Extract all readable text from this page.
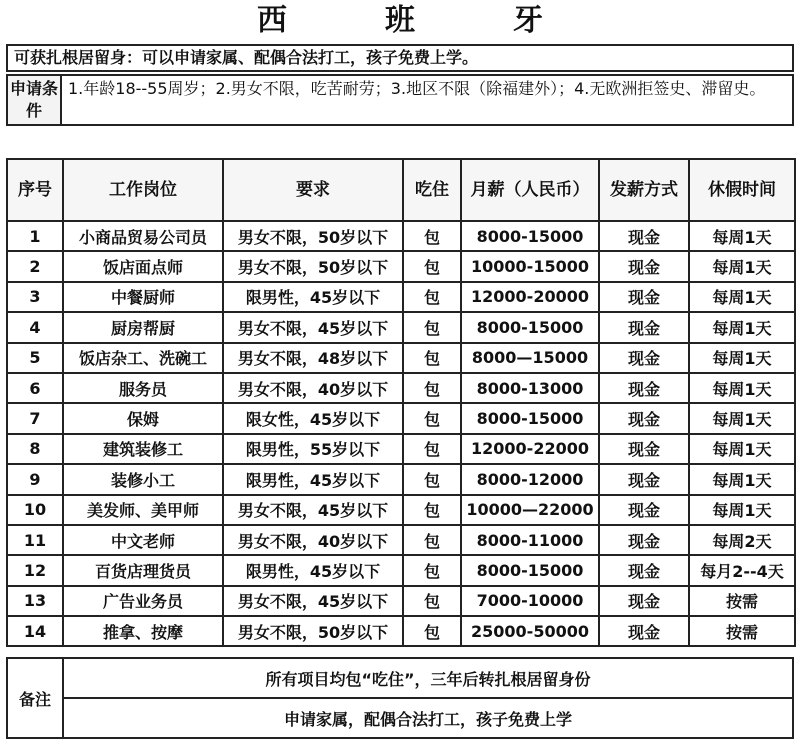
西　班　牙
可获扎根居留身：可以申请家属、配偶合法打工，孩子免费上学。
申请条件
1.年龄18--55周岁；2.男女不限，吃苦耐劳；3.地区不限（除福建外）；4.无欧洲拒签史、滞留史。
序号	工作岗位	要求	吃住	月薪（人民币）	发薪方式	休假时间
1	小商品贸易公司员	男女不限，50岁以下	包	8000-15000	现金	每周1天
2	饭店面点师	男女不限，50岁以下	包	10000-15000	现金	每周1天
3	中餐厨师	限男性，45岁以下	包	12000-20000	现金	每周1天
4	厨房帮厨	男女不限，45岁以下	包	8000-15000	现金	每周1天
5	饭店杂工、洗碗工	男女不限，48岁以下	包	8000—15000	现金	每周1天
6	服务员	男女不限，40岁以下	包	8000-13000	现金	每周1天
7	保姆	限女性，45岁以下	包	8000-15000	现金	每周1天
8	建筑装修工	限男性，55岁以下	包	12000-22000	现金	每周1天
9	装修小工	限男性，45岁以下	包	8000-12000	现金	每周1天
10	美发师、美甲师	男女不限，45岁以下	包	10000—22000	现金	每周1天
11	中文老师	男女不限，40岁以下	包	8000-11000	现金	每周2天
12	百货店理货员	限男性，45岁以下	包	8000-15000	现金	每月2--4天
13	广告业务员	男女不限，45岁以下	包	7000-10000	现金	按需
14	推拿、按摩	男女不限，50岁以下	包	25000-50000	现金	按需
备注	所有项目均包“吃住”，三年后转扎根居留身份
申请家属，配偶合法打工，孩子免费上学
